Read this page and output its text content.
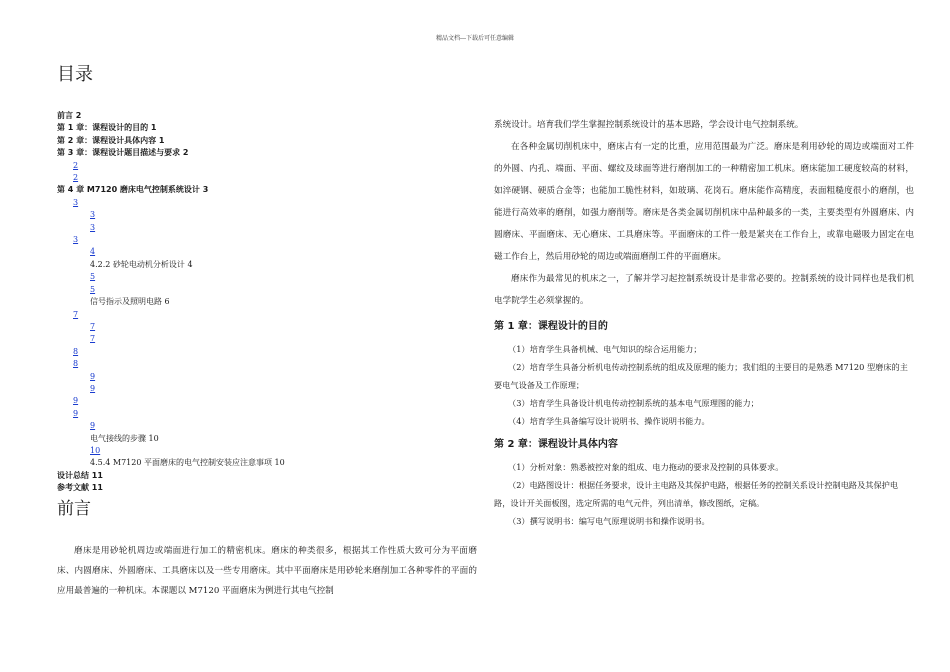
精品文档---下载后可任意编辑
目录
前言 2
第 1 章：课程设计的目的 1
第 2 章：课程设计具体内容 1
第 3 章：课程设计题目描述与要求 2
2
2
第 4 章 M7120 磨床电气控制系统设计 3
3
3
3
3
4
4.2.2 砂轮电动机分析设计 4
5
5
信号指示及照明电路 6
7
7
7
8
8
9
9
9
9
9
电气接线的步骤 10
10
4.5.4 M7120 平面磨床的电气控制安装应注意事项 10
设计总结 11
参考文献 11
前言

磨床是用砂轮机周边或端面进行加工的精密机床。磨床的种类很多，根据其工作性质大致可分为平面磨床、内圆磨床、外圆磨床、工具磨床以及一些专用磨床。其中平面磨床是用砂轮来磨削加工各种零件的平面的应用最普遍的一种机床。本课题以 M7120 平面磨床为例进行其电气控制

系统设计。培育我们学生掌握控制系统设计的基本思路，学会设计电气控制系统。

在各种金属切削机床中，磨床占有一定的比重，应用范围最为广泛。磨床是利用砂轮的周边或端面对工件的外圆、内孔、端面、平面、螺纹及球面等进行磨削加工的一种精密加工机床。磨床能加工硬度较高的材料，如淬硬钢、硬质合金等；也能加工脆性材料，如玻璃、花岗石。磨床能作高精度，表面粗糙度很小的磨削，也能进行高效率的磨削，如强力磨削等。磨床是各类金属切削机床中品种最多的一类，主要类型有外圆磨床、内圆磨床、平面磨床、无心磨床、工具磨床等。平面磨床的工件一般是紧夹在工作台上，或靠电磁吸力固定在电磁工作台上，然后用砂轮的周边或端面磨削工件的平面磨床。

磨床作为最常见的机床之一，了解并学习起控制系统设计是非常必要的。控制系统的设计同样也是我们机电学院学生必须掌握的。

第 1 章：课程设计的目的

（1）培育学生具备机械、电气知识的综合运用能力；

（2）培育学生具备分析机电传动控制系统的组成及原理的能力；我们组的主要目的是熟悉 M7120 型磨床的主要电气设备及工作原理；

（3）培育学生具备设计机电传动控制系统的基本电气原理图的能力；

（4）培育学生具备编写设计说明书、操作说明书能力。

第 2 章：课程设计具体内容

（1）分析对象：熟悉被控对象的组成、电力拖动的要求及控制的具体要求。

（2）电路图设计：根据任务要求，设计主电路及其保护电路，根据任务的控制关系设计控制电路及其保护电路，设计开关面板图，选定所需的电气元件，列出清单，修改图纸，定稿。

（3）撰写说明书：编写电气原理说明书和操作说明书。
